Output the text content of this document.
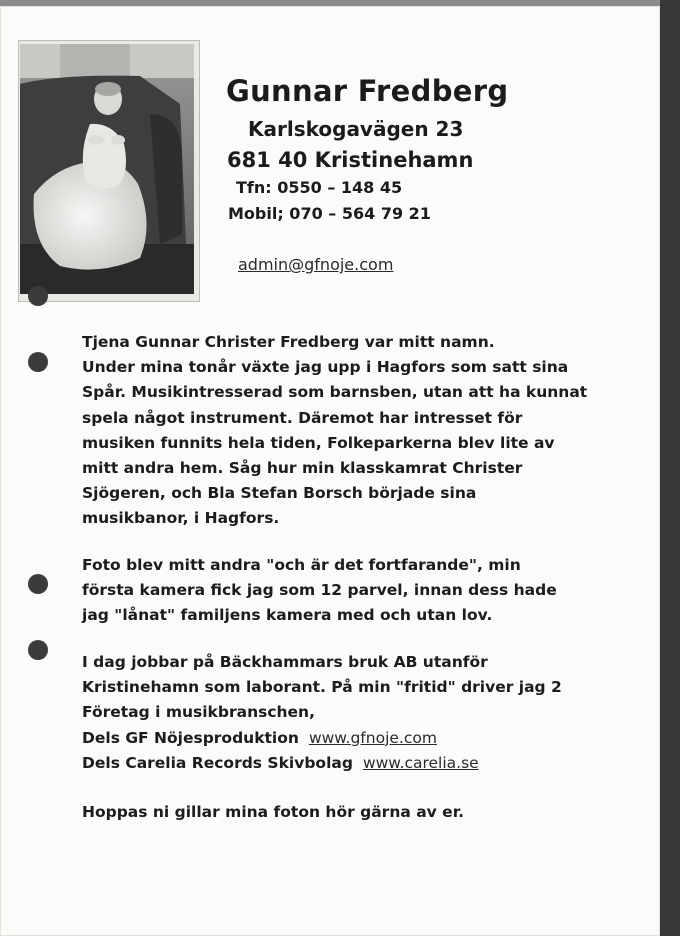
Gunnar Fredberg
Karlskogavägen 23
681 40 Kristinehamn
Tfn: 0550 – 148 45
Mobil; 070 – 564 79 21
admin@gfnoje.com
Tjena Gunnar Christer Fredberg var mitt namn.
Under mina tonår växte jag upp i Hagfors som satt sina
Spår. Musikintresserad som barnsben, utan att ha kunnat
spela något instrument. Däremot har intresset för
musiken funnits hela tiden, Folkeparkerna blev lite av
mitt andra hem. Såg hur min klasskamrat Christer
Sjögeren, och Bla Stefan Borsch började sina
musikbanor, i Hagfors.
Foto blev mitt andra "och är det fortfarande", min
första kamera fick jag som 12 parvel, innan dess hade
jag "lånat" familjens kamera med och utan lov.
I dag jobbar på Bäckhammars bruk AB utanför
Kristinehamn som laborant. På min "fritid" driver jag 2
Företag i musikbranschen,
Dels GF Nöjesproduktion www.gfnoje.com
Dels Carelia Records Skivbolag www.carelia.se
Hoppas ni gillar mina foton hör gärna av er.
